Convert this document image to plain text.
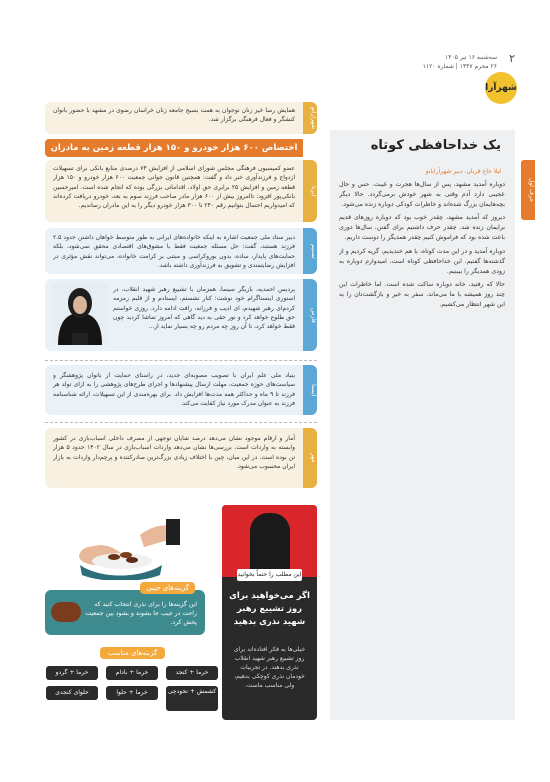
۲
سه‌شنبه ۱۶ تیر ۱۴۰۵
۲۶ محرم ۱۴۴۷ | شماره ۱۱۲۰
شهرآرا
حرف اول
یک خداحافظی کوتاه
لیلا حاج قربان، دبیر شهرآرابانو

دوباره آمدید مشهد، پس از سال‌ها هجرت و غیبت. حس و حال عجیبی دارد آدم وقتی به شهر خودش برمی‌گردد. حالا دیگر بچه‌هایمان بزرگ شده‌اند و خاطرات کودکی دوباره زنده می‌شود.

دیروز که آمدید مشهد، چقدر خوب بود که دوباره روزهای قدیم برایمان زنده شد. چقدر حرف داشتیم برای گفتن. سال‌ها دوری باعث شده بود که فراموش کنیم چقدر همدیگر را دوست داریم.

دوباره آمدید و در این مدت کوتاه، با هم خندیدیم، گریه کردیم و از گذشته‌ها گفتیم. این خداحافظی کوتاه است، امیدوارم دوباره به زودی همدیگر را ببینیم.

حالا که رفتید، خانه دوباره ساکت شده است. اما خاطرات این چند روز همیشه با ما می‌ماند. سفر به خیر و بازگشت‌تان را به این شهر انتظار می‌کشیم.

شهرآرانو
همایش رسا خیز زنان نوجوان به همت بسیج جامعه زنان خراسان رضوی در مشهد با حضور بانوان کنشگر و فعال فرهنگی برگزار شد.
اختصاص ۶۰۰ هزار خودرو و ۱۵۰ هزار قطعه زمین به مادران
ایرنا
عضو کمیسیون فرهنگی مجلس شورای اسلامی از افزایش ۷۴ درصدی منابع بانکی برای تسهیلات ازدواج و فرزندآوری خبر داد و گفت: همچنین قانون جوانی جمعیت ۶۰۰ هزار خودرو و ۱۵۰ هزار قطعه زمین و افزایش ۲۵ برابری حق اولاد، اقداماتی بزرگی بوده که انجام شده است. امیرحسین بانکی‌پور افزود: تاامروز بیش از ۶۰۰ هزار مادر صاحب فرزند سوم به بعد، خودرو دریافت کرده‌اند که امیدواریم احتمال بتوانیم رقم ۲۴۰ تا ۳۰۰ هزار خودرو دیگر را به این مادران رساندیم.
تسنیم
دبیر ستاد ملی جمعیت اشاره به اینکه خانواده‌های ایرانی به طور متوسط خواهان داشتن حدود ۲.۵ فرزند هستند، گفت: حل مسئله جمعیت فقط با مشوق‌های اقتصادی محقق نمی‌شود، بلکه حمایت‌های پایدار، ساده، بدون بوروکراسی و مبتنی بر کرامت خانواده، می‌تواند نقش مؤثری در افزایش رضایتمندی و تشویق به فرزندآوری داشته باشد.
فارس
پردیس احمدیه، بازیگر سینما، همزمان با تشییع رهبر شهید انقلاب، در استوری اینستاگرام خود نوشت: کنار نشستم، ایستادم و از قلبم زمزمه کردم‌ای رهبر شهیدم، ای ادیب و فرزانه، رافت ادامه دارد. روزی خواستم حق طلوع خواهد کرد و نور حقی به دید گاهی که امروز تماشا کردید چون فقط خواهد کرد، تا آن روز چه مردم رو چه بسیار نماید از...
ایسنا
بنیاد ملی علم ایران با تصویب مصوبه‌ای جدید، در راستای حمایت از بانوان پژوهشگر و سیاست‌های حوزه جمعیت، مهلت ارسال پیشنهادها و اجرای طرح‌های پژوهشی را به ازای تولد هر فرزند تا ۹ ماه و حداکثر همه مدت‌ها افزایش داد. برای بهره‌مندی از این تسهیلات، ارائه شناسنامه فرزند به عنوان مدرک مورد نیاز کفایت می‌کند.
مهر
آمار و ارقام موجود نشان می‌دهد درصد شایان توجهی از مصرف داخلی اسباب‌بازی در کشور وابسته به واردات است. بررسی‌ها نشان می‌دهد واردات اسباب‌بازی در سال ۱۴۰۲ حدود ۵ هزار تن بوده است. در این میان، چین با اختلاف زیادی بزرگ‌ترین صادرکننده و پرچم‌دار واردات به بازار ایران محسوب می‌شود.
گزینه‌های جیبی
این گزینه‌ها را برای نذری انتخاب کنید که راحت در جیب جا بشوند و بشود بین جمعیت پخش کرد.
گزینه‌های مناسب
خرما + کنجد
خرما + بادام
خرما + گردو
کشمش + نخودچی
خرما + حلوا
حلوای کنجدی
این مطلب را حتماً بخوانید
اگر می‌خواهید برای روز تشییع رهبر شهید نذری بدهید
خیلی‌ها به فکر افتاده‌اند برای روز تشییع رهبر شهید انقلاب نذری بدهند. در تجربیات خودمان نذری کوچکی بدهیم، ولی مناسب ماست.
